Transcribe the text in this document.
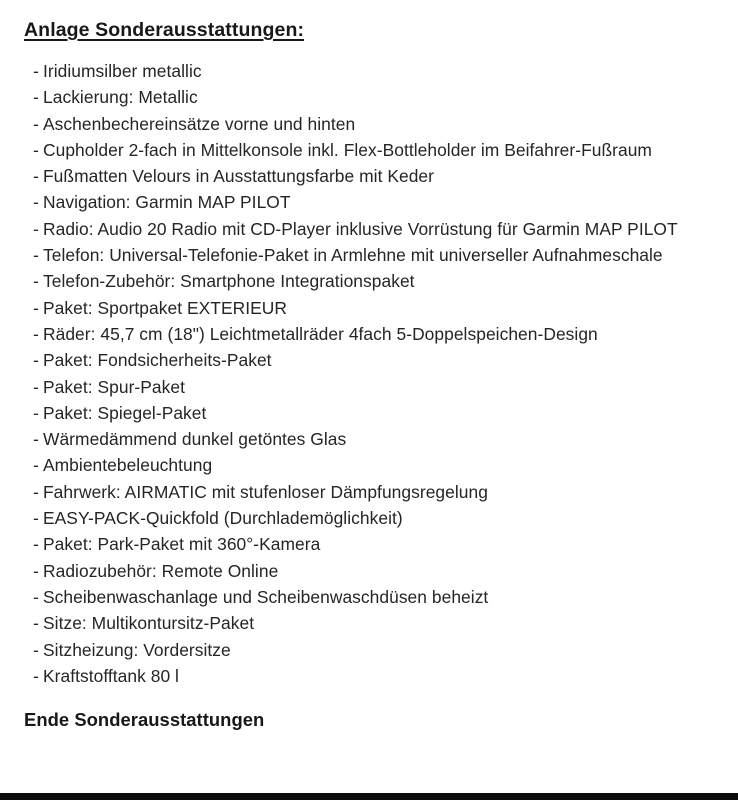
Anlage Sonderausstattungen:
- Iridiumsilber metallic
- Lackierung: Metallic
- Aschenbechereinsätze vorne und hinten
- Cupholder 2-fach in Mittelkonsole inkl. Flex-Bottleholder im Beifahrer-Fußraum
- Fußmatten Velours in Ausstattungsfarbe mit Keder
- Navigation: Garmin MAP PILOT
- Radio: Audio 20 Radio mit CD-Player inklusive Vorrüstung für Garmin MAP PILOT
- Telefon: Universal-Telefonie-Paket in Armlehne mit universeller Aufnahmeschale
- Telefon-Zubehör: Smartphone Integrationspaket
- Paket: Sportpaket EXTERIEUR
- Räder: 45,7 cm (18") Leichtmetallräder 4fach 5-Doppelspeichen-Design
- Paket: Fondsicherheits-Paket
- Paket: Spur-Paket
- Paket: Spiegel-Paket
- Wärmedämmend dunkel getöntes Glas
- Ambientebeleuchtung
- Fahrwerk: AIRMATIC mit stufenloser Dämpfungsregelung
- EASY-PACK-Quickfold (Durchlademöglichkeit)
- Paket: Park-Paket mit 360°-Kamera
- Radiozubehör: Remote Online
- Scheibenwaschanlage und Scheibenwaschdüsen beheizt
- Sitze: Multikontursitz-Paket
- Sitzheizung: Vordersitze
- Kraftstofftank 80 l
Ende Sonderausstattungen
